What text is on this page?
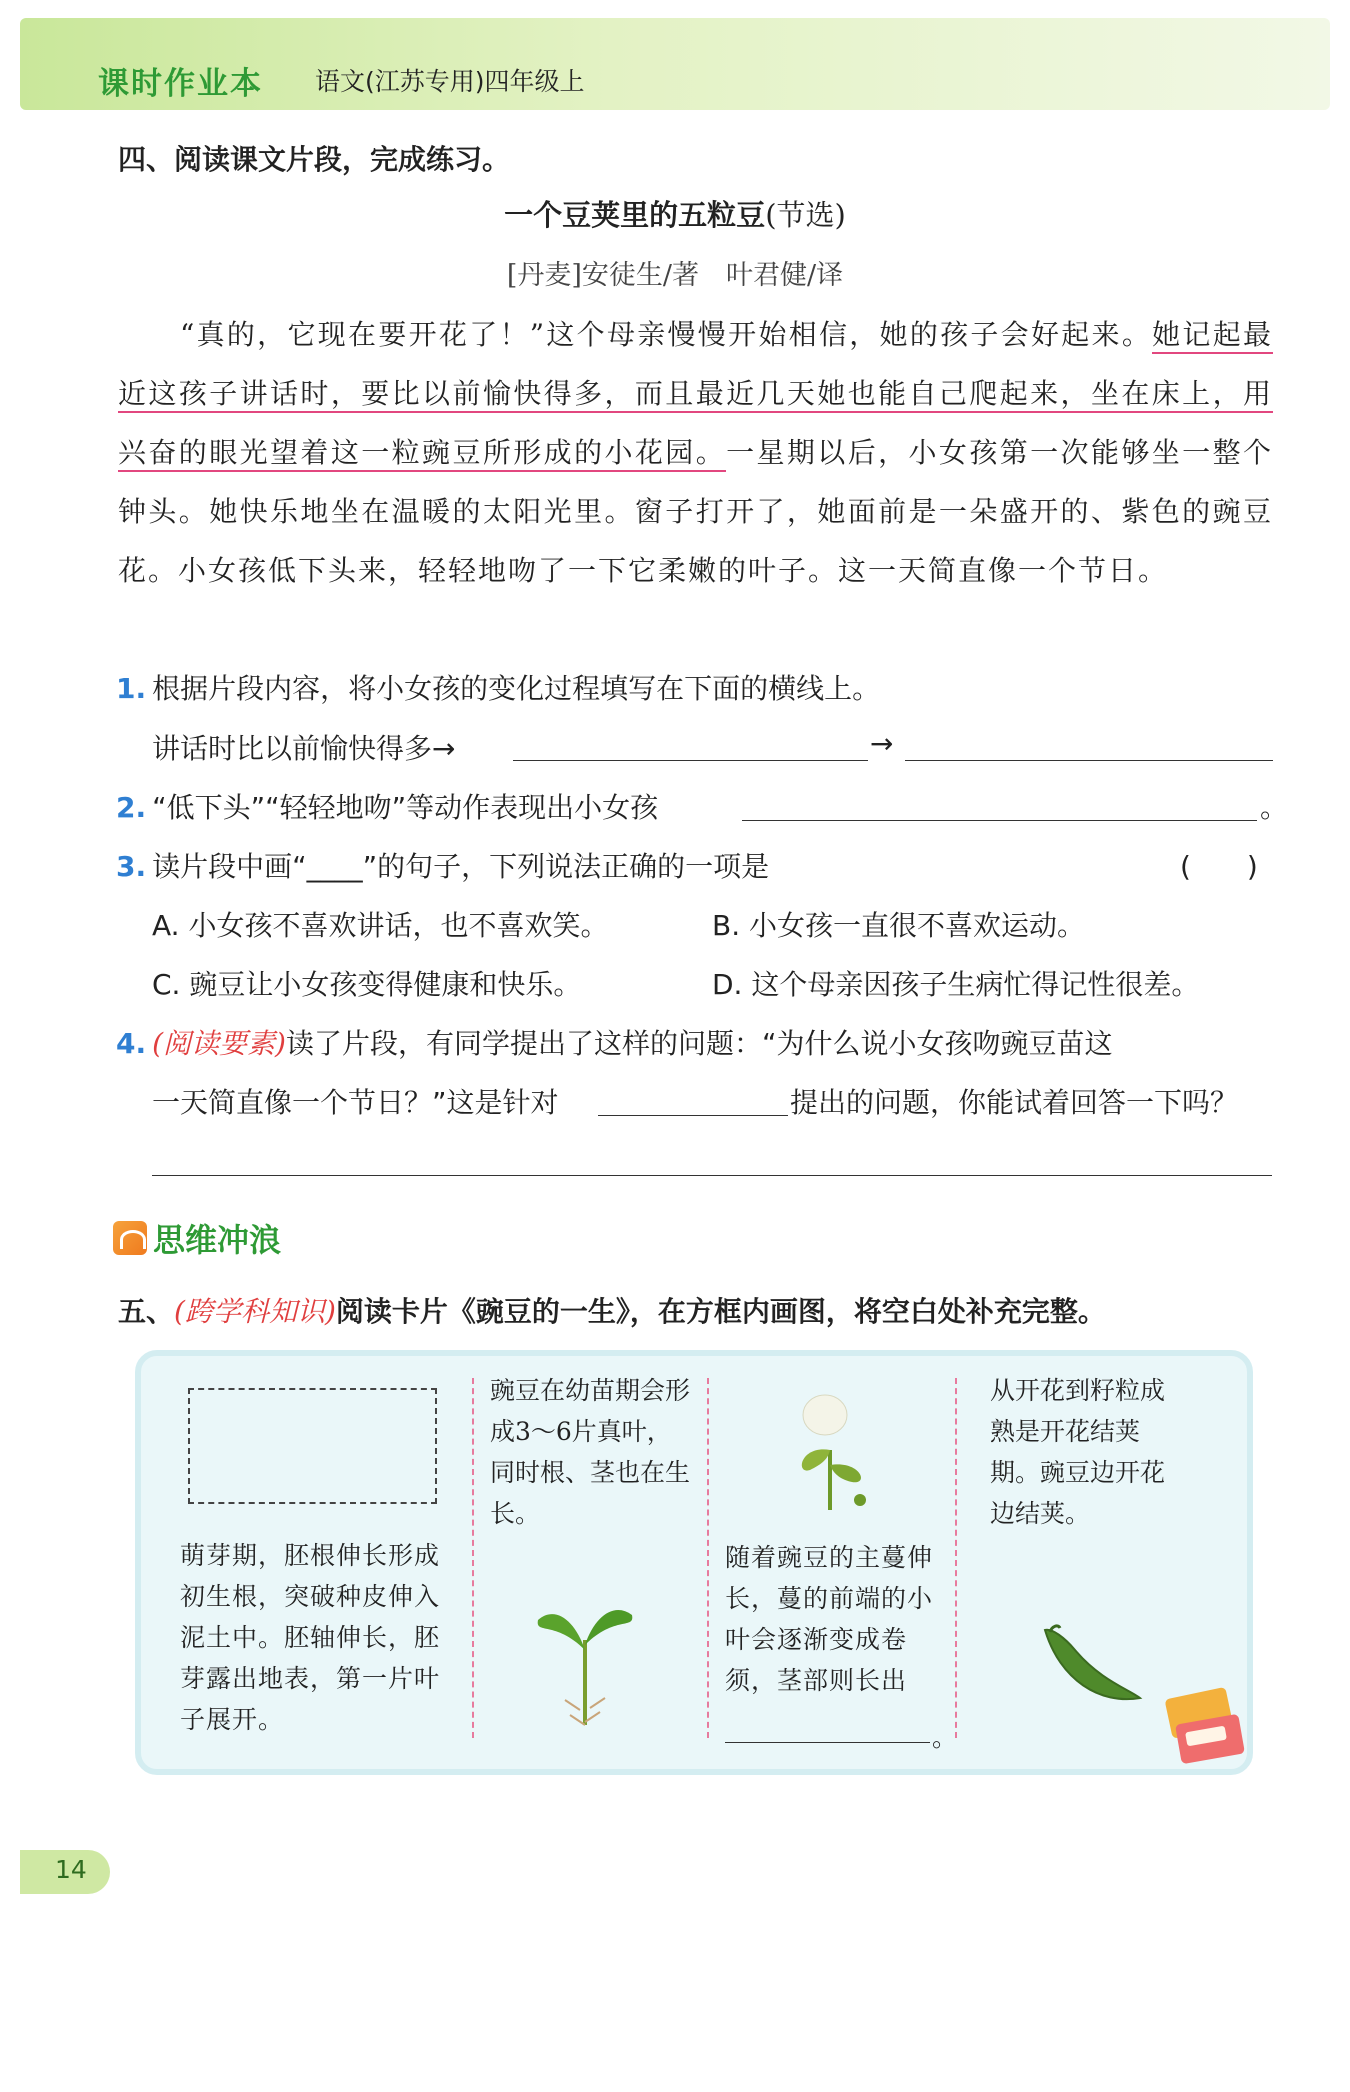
课时作业本 语文(江苏专用)四年级上
四、阅读课文片段，完成练习。
一个豆荚里的五粒豆(节选)
[丹麦]安徒生/著　叶君健/译
“真的，它现在要开花了！”这个母亲慢慢开始相信，她的孩子会好起来。她记起最近这孩子讲话时，要比以前愉快得多，而且最近几天她也能自己爬起来，坐在床上，用兴奋的眼光望着这一粒豌豆所形成的小花园。一星期以后，小女孩第一次能够坐一整个钟头。她快乐地坐在温暖的太阳光里。窗子打开了，她面前是一朵盛开的、紫色的豌豆花。小女孩低下头来，轻轻地吻了一下它柔嫩的叶子。这一天简直像一个节日。
1. 根据片段内容，将小女孩的变化过程填写在下面的横线上。
讲话时比以前愉快得多→	→
2. “低下头”“轻轻地吻”等动作表现出小女孩	。
3. 读片段中画“____”的句子，下列说法正确的一项是	(　　)
A. 小女孩不喜欢讲话，也不喜欢笑。	B. 小女孩一直很不喜欢运动。
C. 豌豆让小女孩变得健康和快乐。	D. 这个母亲因孩子生病忙得记性很差。
4. (阅读要素)读了片段，有同学提出了这样的问题：“为什么说小女孩吻豌豆苗这
一天简直像一个节日？”这是针对	提出的问题，你能试着回答一下吗？
思维冲浪
五、(跨学科知识)阅读卡片《豌豆的一生》，在方框内画图，将空白处补充完整。
萌芽期，胚根伸长形成初生根，突破种皮伸入泥土中。胚轴伸长，胚芽露出地表，第一片叶子展开。
豌豆在幼苗期会形成3～6片真叶，同时根、茎也在生长。
随着豌豆的主蔓伸长，蔓的前端的小叶会逐渐变成卷须，茎部则长出
。
从开花到籽粒成熟是开花结荚期。豌豆边开花边结荚。
14
